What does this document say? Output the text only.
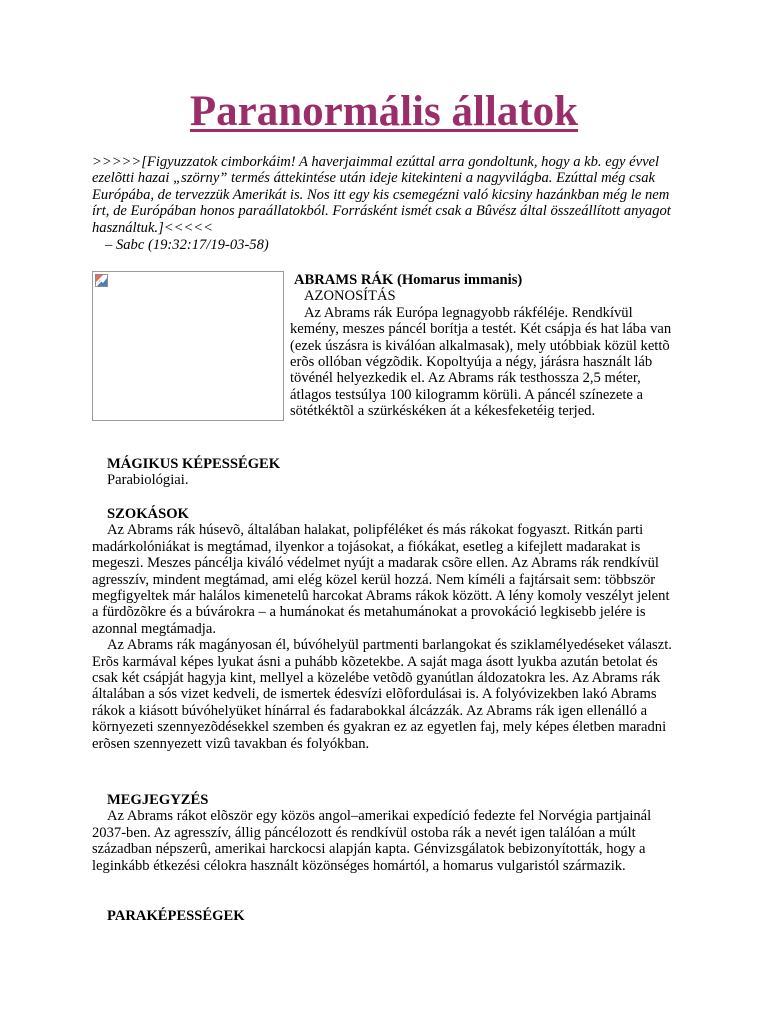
Paranormális állatok

>>>>>[Figyuzzatok cimborkáim! A haverjaimmal ezúttal arra gondoltunk, hogy a kb. egy évvel ezelõtti hazai „szörny” termés áttekintése után ideje kitekinteni a nagyvilágba. Ezúttal még csak Európába, de tervezzük Amerikát is. Nos itt egy kis csemegézni való kicsiny hazánkban még le nem írt, de Európában honos paraállatokból. Forrásként ismét csak a Bûvész által összeállított anyagot használtuk.]<<<<<

– Sabc (19:32:17/19-03-58)

ABRAMS RÁK (Homarus immanis)
AZONOSÍTÁS

Az Abrams rák Európa legnagyobb rákféléje. Rendkívül kemény, meszes páncél borítja a testét. Két csápja és hat lába van (ezek úszásra is kiválóan alkalmasak), mely utóbbiak közül kettõ erõs ollóban végzõdik. Kopoltyúja a négy, járásra használt láb tövénél helyezkedik el. Az Abrams rák testhossza 2,5 méter, átlagos testsúlya 100 kilogramm körüli. A páncél színezete a sötétkéktõl a szürkéskéken át a kékesfeketéig terjed.

MÁGIKUS KÉPESSÉGEK
Parabiológiai.
SZOKÁSOK

Az Abrams rák húsevõ, általában halakat, polipféléket és más rákokat fogyaszt. Ritkán parti madárkolóniákat is megtámad, ilyenkor a tojásokat, a fiókákat, esetleg a kifejlett madarakat is megeszi. Meszes páncélja kiváló védelmet nyújt a madarak csõre ellen. Az Abrams rák rendkívül agresszív, mindent megtámad, ami elég közel kerül hozzá. Nem kíméli a fajtársait sem: többször megfigyeltek már halálos kimenetelû harcokat Abrams rákok között. A lény komoly veszélyt jelent a fürdõzõkre és a búvárokra – a humánokat és metahumánokat a provokáció legkisebb jelére is azonnal megtámadja.

Az Abrams rák magányosan él, búvóhelyül partmenti barlangokat és sziklamélyedéseket választ. Erõs karmával képes lyukat ásni a puhább kõzetekbe. A saját maga ásott lyukba azután betolat és csak két csápját hagyja kint, mellyel a közelébe vetõdõ gyanútlan áldozatokra les. Az Abrams rák általában a sós vizet kedveli, de ismertek édesvízi elõfordulásai is. A folyóvizekben lakó Abrams rákok a kiásott búvóhelyüket hínárral és fadarabokkal álcázzák. Az Abrams rák igen ellenálló a környezeti szennyezõdésekkel szemben és gyakran ez az egyetlen faj, mely képes életben maradni erõsen szennyezett vizû tavakban és folyókban.

MEGJEGYZÉS

Az Abrams rákot elõször egy közös angol–amerikai expedíció fedezte fel Norvégia partjainál 2037-ben. Az agresszív, állig páncélozott és rendkívül ostoba rák a nevét igen találóan a múlt században népszerû, amerikai harckocsi alapján kapta. Génvizsgálatok bebizonyították, hogy a leginkább étkezési célokra használt közönséges homártól, a homarus vulgaristól származik.

PARAKÉPESSÉGEK
